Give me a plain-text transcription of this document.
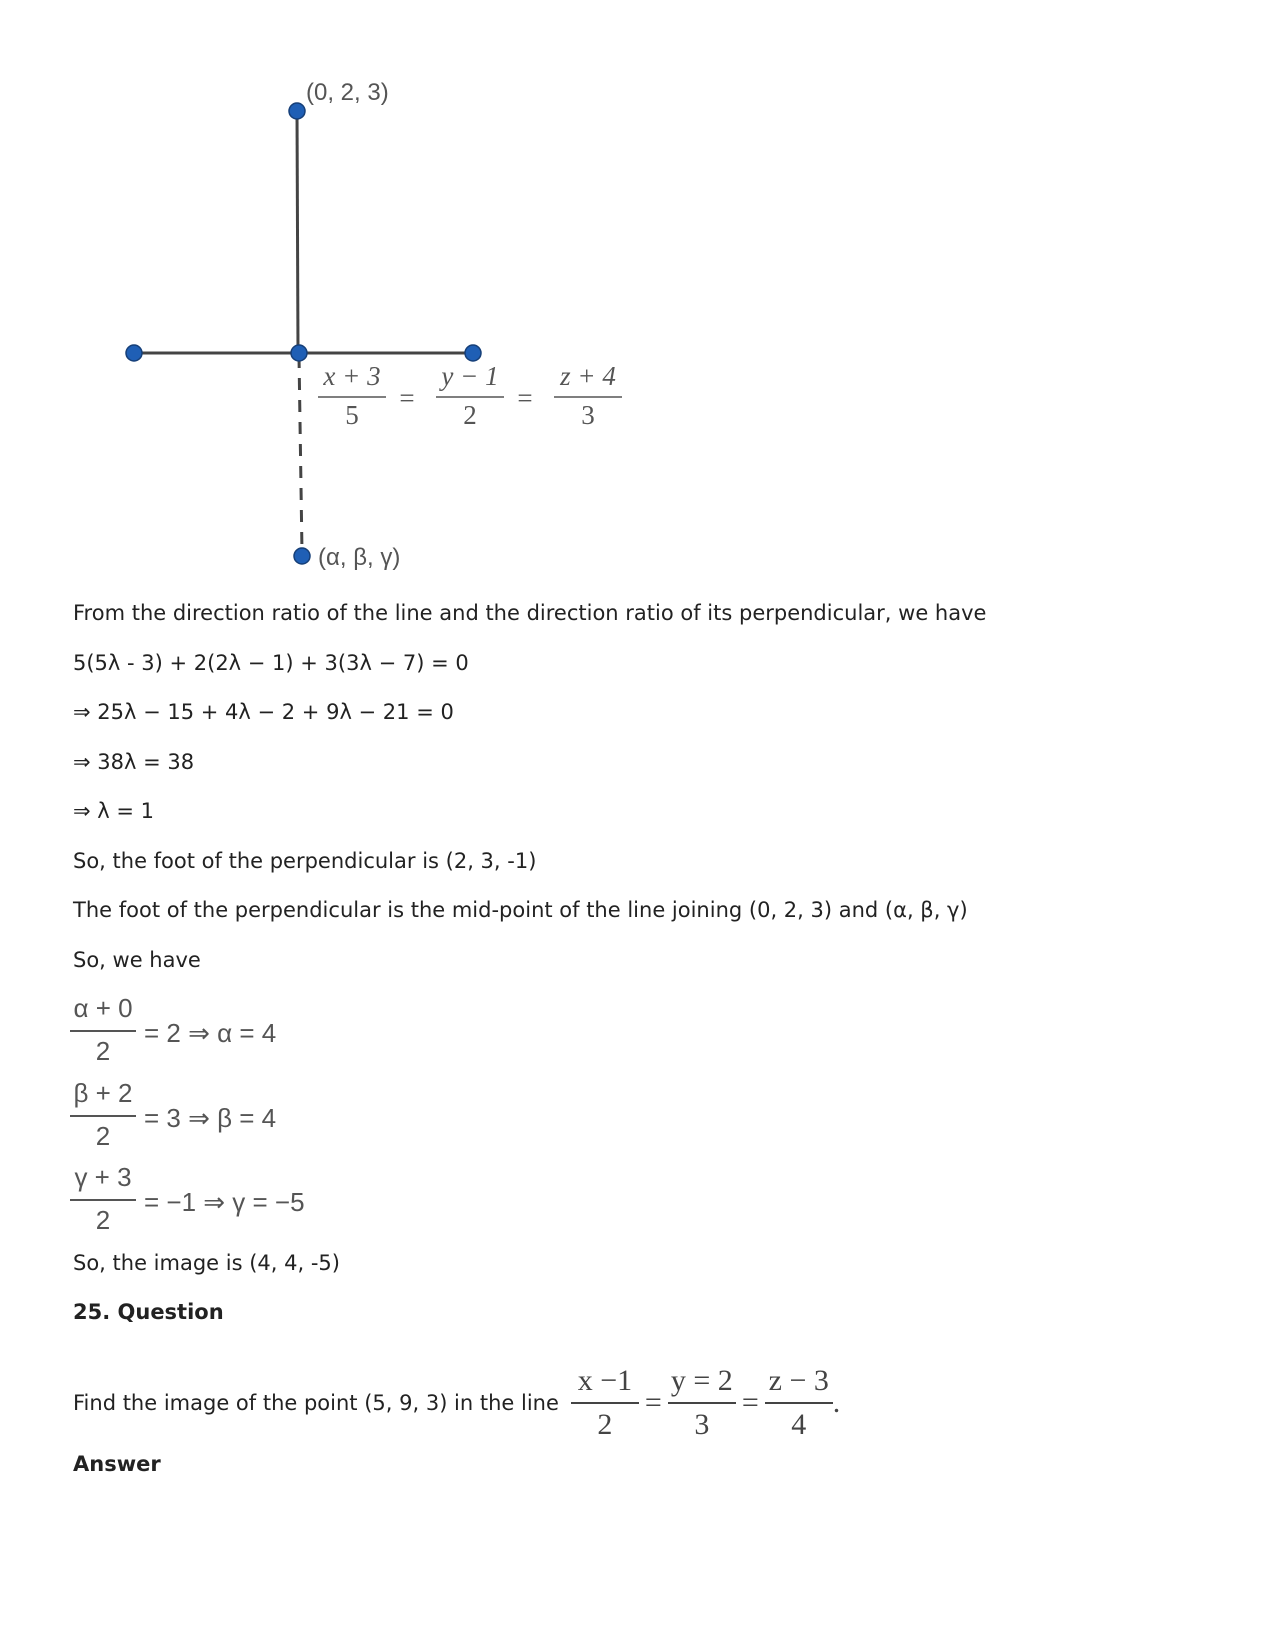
(0, 2, 3)
(α, β, γ)
x + 3
5
=
y − 1
2
=
z + 4
3
From the direction ratio of the line and the direction ratio of its perpendicular, we have
5(5λ - 3) + 2(2λ − 1) + 3(3λ − 7) = 0
⇒ 25λ − 15 + 4λ − 2 + 9λ − 21 = 0
⇒ 38λ = 38
⇒ λ = 1
So, the foot of the perpendicular is (2, 3, -1)
The foot of the perpendicular is the mid-point of the line joining (0, 2, 3) and (α, β, γ)
So, we have
$\frac{\alpha + 0}{2} = 2$ ⇒ α = 4
$\frac{\beta + 2}{2} = 3$ ⇒ β = 4
$\frac{\gamma + 3}{2} = -1$ ⇒ γ = −5
So, the image is (4, 4, -5)
25. Question
Find the image of the point (5, 9, 3) in the line $\frac{x -1}{2} = \frac{y = 2}{3} = \frac{z - 3}{4}$ .
Answer
